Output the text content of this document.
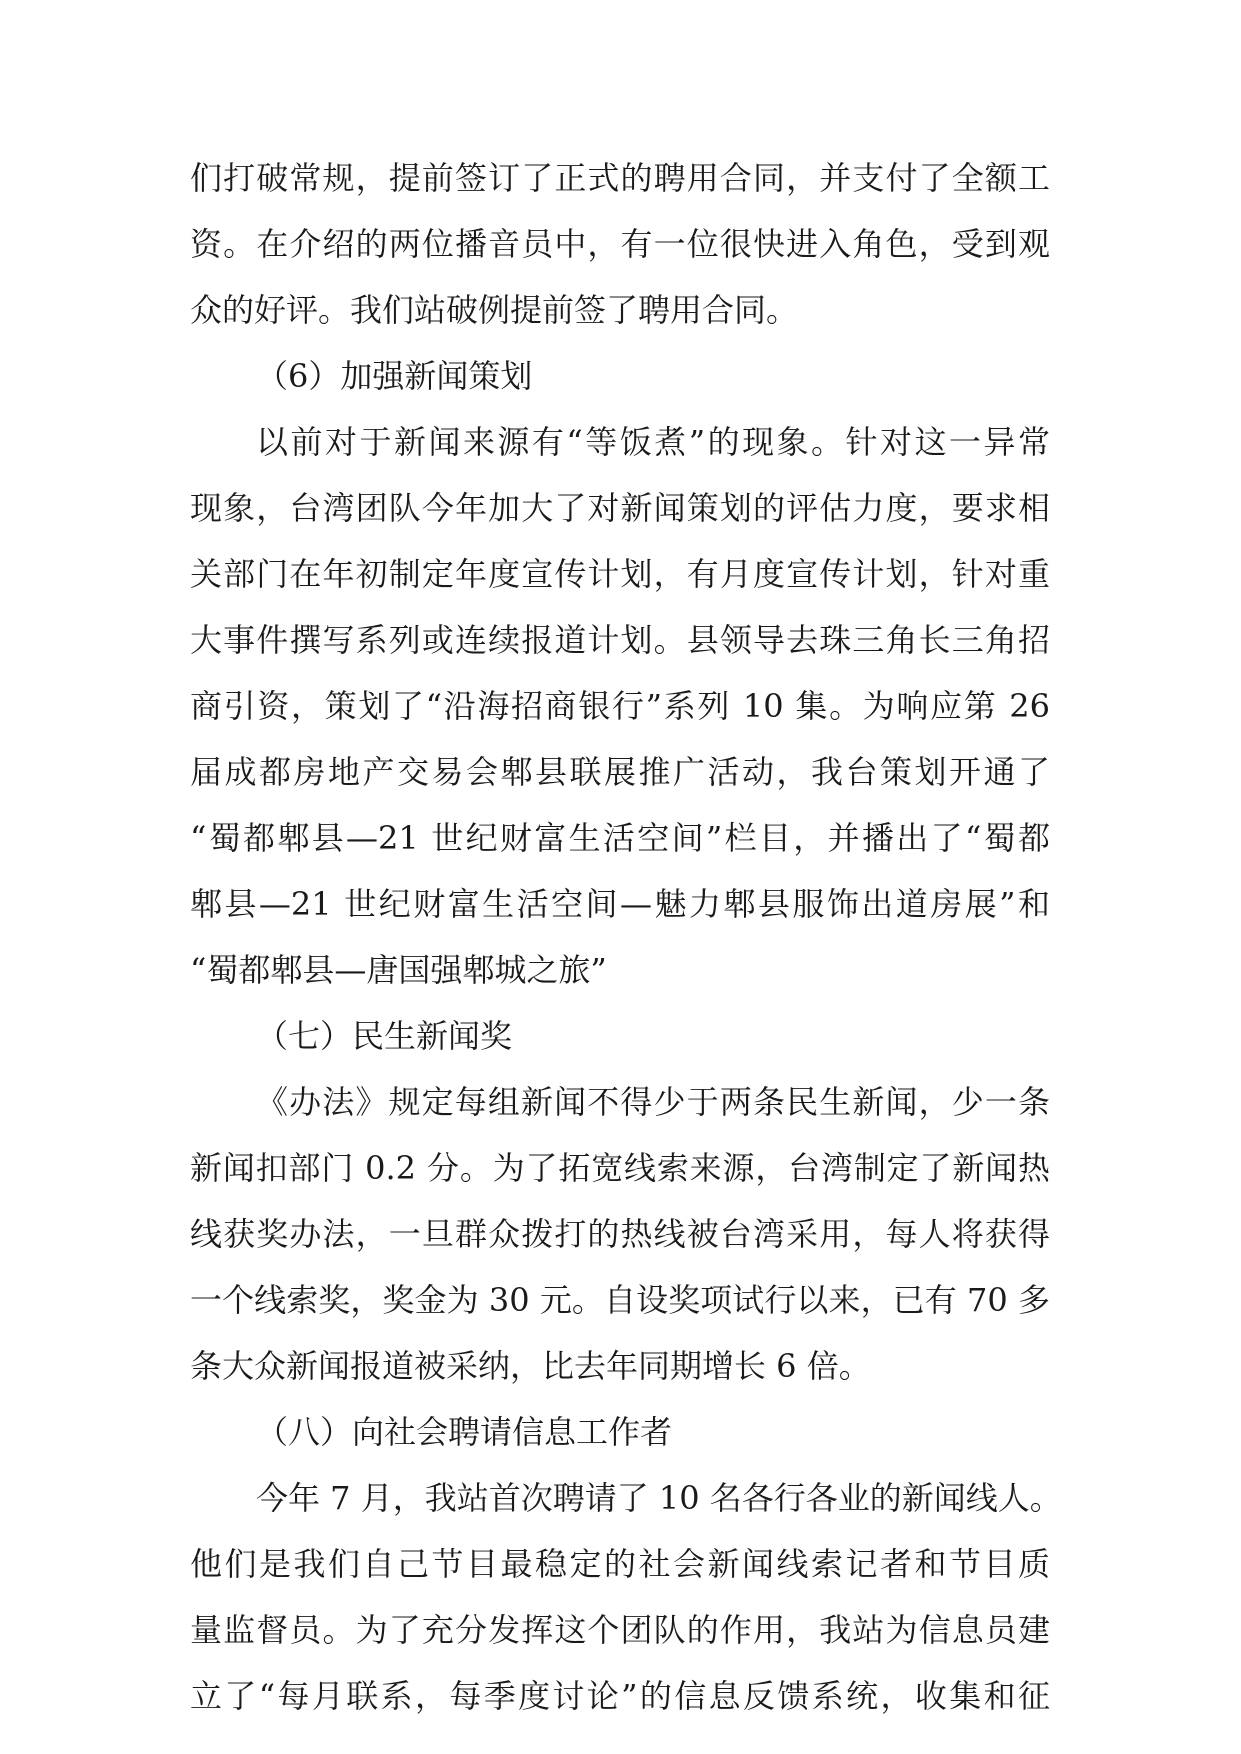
们打破常规，提前签订了正式的聘用合同，并支付了全额工
资。在介绍的两位播音员中，有一位很快进入角色，受到观
众的好评。我们站破例提前签了聘用合同。
（6）加强新闻策划
以前对于新闻来源有“等饭煮”的现象。针对这一异常
现象，台湾团队今年加大了对新闻策划的评估力度，要求相
关部门在年初制定年度宣传计划，有月度宣传计划，针对重
大事件撰写系列或连续报道计划。县领导去珠三角长三角招
商引资，策划了“沿海招商银行”系列 10 集。为响应第 26
届成都房地产交易会郫县联展推广活动，我台策划开通了
“蜀都郫县—21 世纪财富生活空间”栏目，并播出了“蜀都
郫县—21 世纪财富生活空间—魅力郫县服饰出道房展”和
“蜀都郫县—唐国强郫城之旅”
（七）民生新闻奖
《办法》规定每组新闻不得少于两条民生新闻，少一条
新闻扣部门 0.2 分。为了拓宽线索来源，台湾制定了新闻热
线获奖办法，一旦群众拨打的热线被台湾采用，每人将获得
一个线索奖，奖金为 30 元。自设奖项试行以来，已有 70 多
条大众新闻报道被采纳，比去年同期增长 6 倍。
（八）向社会聘请信息工作者
今年 7 月，我站首次聘请了 10 名各行各业的新闻线人。
他们是我们自己节目最稳定的社会新闻线索记者和节目质
量监督员。为了充分发挥这个团队的作用，我站为信息员建
立了“每月联系，每季度讨论”的信息反馈系统，收集和征
